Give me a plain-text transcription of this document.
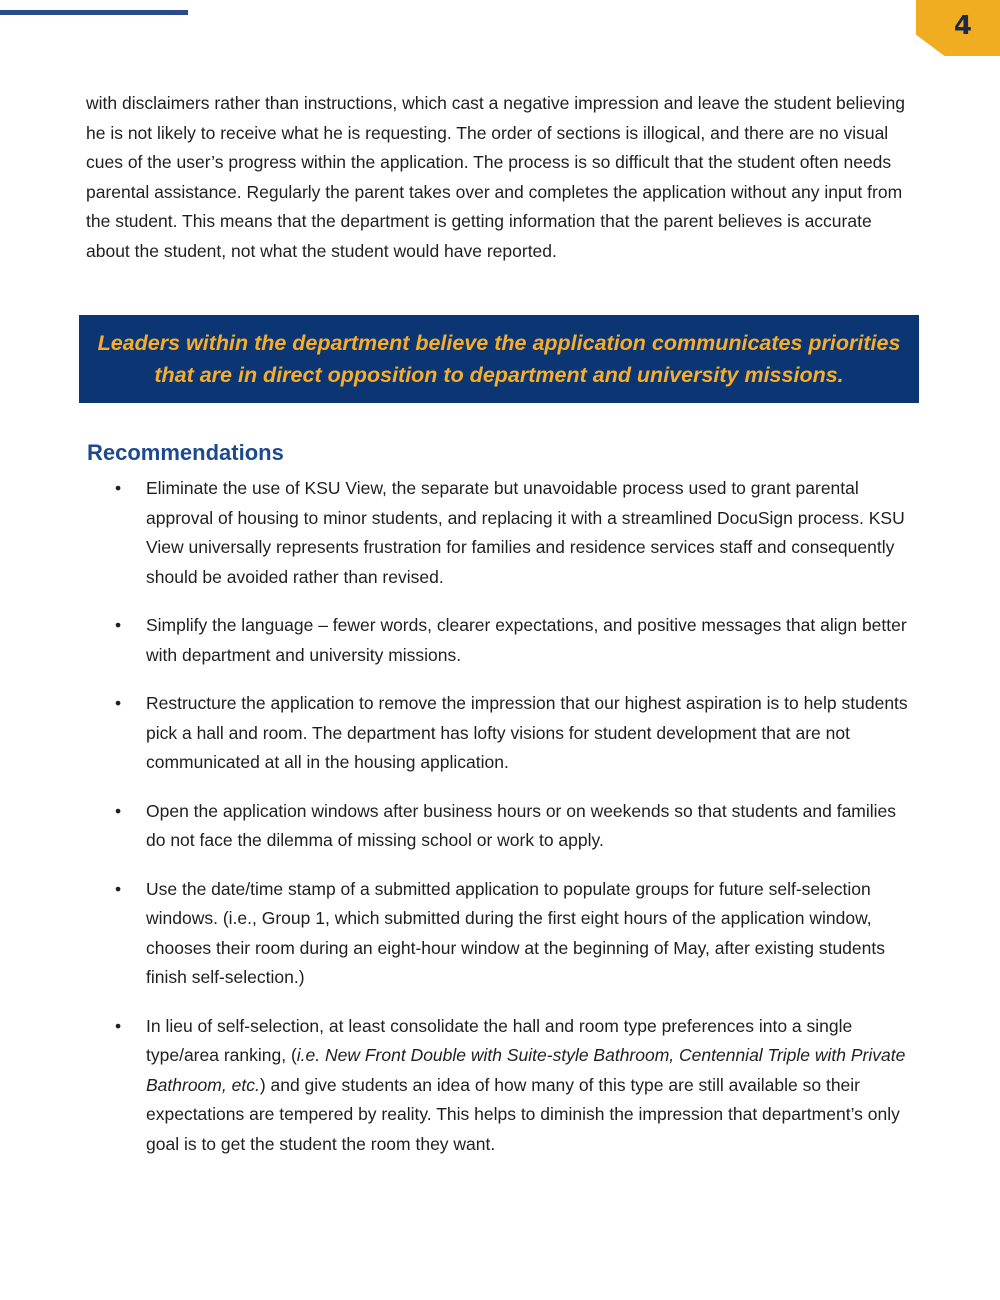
4

with disclaimers rather than instructions, which cast a negative impression and leave the student believing he is not likely to receive what he is requesting. The order of sections is illogical, and there are no visual cues of the user’s progress within the application. The process is so difficult that the student often needs parental assistance. Regularly the parent takes over and completes the application without any input from the student. This means that the department is getting information that the parent believes is accurate about the student, not what the student would have reported.

Leaders within the department believe the application communicates priorities that are in direct opposition to department and university missions.
Recommendations
• Eliminate the use of KSU View, the separate but unavoidable process used to grant parental approval of housing to minor students, and replacing it with a streamlined DocuSign process. KSU View universally represents frustration for families and residence services staff and consequently should be avoided rather than revised.
• Simplify the language – fewer words, clearer expectations, and positive messages that align better with department and university missions.
• Restructure the application to remove the impression that our highest aspiration is to help students pick a hall and room. The department has lofty visions for student development that are not communicated at all in the housing application.
• Open the application windows after business hours or on weekends so that students and families do not face the dilemma of missing school or work to apply.
• Use the date/time stamp of a submitted application to populate groups for future self-selection windows. (i.e., Group 1, which submitted during the first eight hours of the application window, chooses their room during an eight-hour window at the beginning of May, after existing students finish self-selection.)
• In lieu of self-selection, at least consolidate the hall and room type preferences into a single type/area ranking, (i.e. New Front Double with Suite-style Bathroom, Centennial Triple with Private Bathroom, etc.) and give students an idea of how many of this type are still available so their expectations are tempered by reality. This helps to diminish the impression that department’s only goal is to get the student the room they want.
